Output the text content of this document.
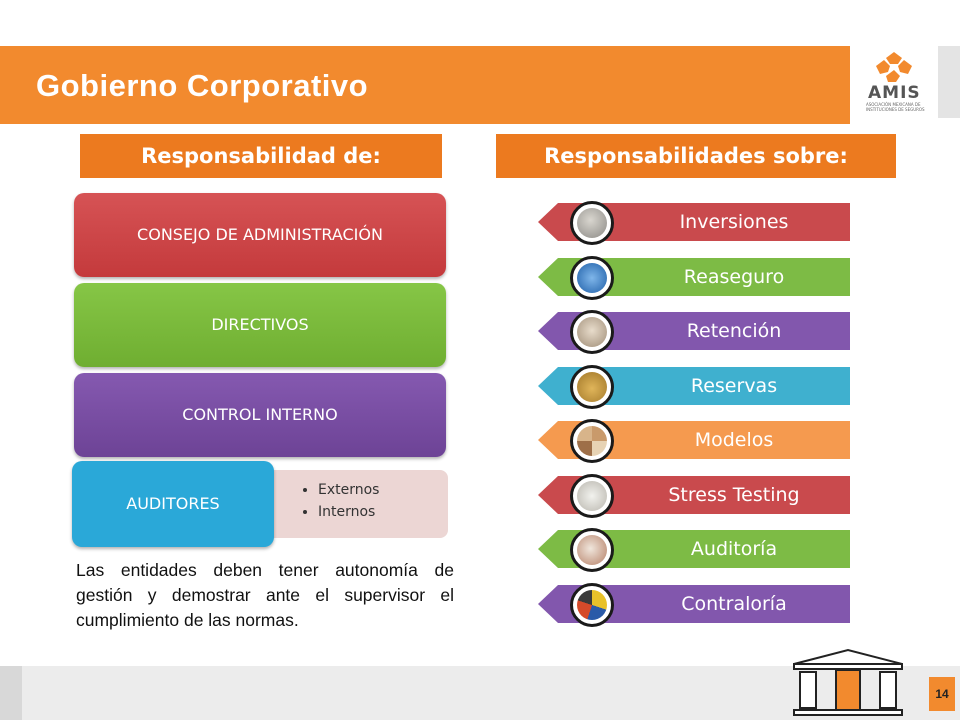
Gobierno Corporativo	AMIS
ASOCIACIÓN MEXICANA DE INSTITUCIONES DE SEGUROS
Responsabilidad de:	Responsabilidades sobre:
CONSEJO DE ADMINISTRACIÓN
DIRECTIVOS
CONTROL INTERNO
• Externos
• Internos
AUDITORES
Las entidades deben tener autonomía de gestión y demostrar ante el supervisor el cumplimiento de las normas.
Inversiones
Reaseguro
Retención
Reservas
Modelos
Stress Testing
Auditoría
Contraloría
14
